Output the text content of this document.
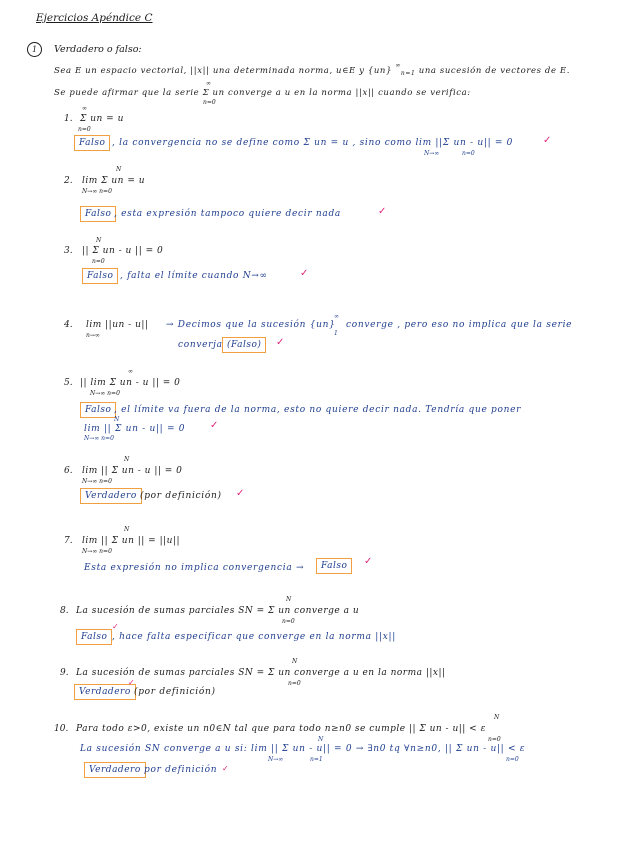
Ejercicios Apéndice C
1	Verdadero o falso:
Sea E un espacio vectorial, ||x|| una determinada norma, u∈E y {un} ∞$_{n=1}$ una sucesión de vectores de E.
Se puede afirmar que la serie Σ un converge a u en la norma ||x|| cuando se verifica:
∞
n=0
1. Σ un = u
∞
n=0
Falso , la convergencia no se define como Σ un = u , sino como lim ||Σ un - u|| = 0
N→∞	n=0
✓
2. lim Σ un = u
N
N→∞ n=0
Falso , esta expresión tampoco quiere decir nada	✓
3. || Σ un - u || = 0
N
n=0
Falso , falta el límite cuando N→∞	✓
4. lim ||un - u||
n→∞
→ Decimos que la sucesión {un}
∞
1
converge , pero eso no implica que la serie
converja (Falso)	✓
5. || lim Σ un - u || = 0
∞
N→∞ n=0
Falso , el límite va fuera de la norma, esto no quiere decir nada. Tendría que poner
lim || Σ un - u|| = 0
N
N→∞ n=0
✓
6. lim || Σ un - u || = 0
N
N→∞ n=0
Verdadero (por definición) ✓
7. lim || Σ un || = ||u||
N
N→∞ n=0
Esta expresión no implica convergencia →	Falso	✓
8. La sucesión de sumas parciales SN = Σ un converge a u
N
n=0
Falso , hace falta especificar que converge en la norma ||x||
✓
9. La sucesión de sumas parciales SN = Σ un converge a u en la norma ||x||
N
n=0
Verdadero (por definición)
✓
10. Para todo ε>0, existe un n0∈N tal que para todo n≥n0 se cumple || Σ un - u|| < ε
N
n=0
La sucesión SN converge a u si: lim || Σ un - u|| = 0 → ∃n0 tq ∀n≥n0, || Σ un - u|| < ε
N
N→∞	n=1	n=0
Verdadero por definición ✓
